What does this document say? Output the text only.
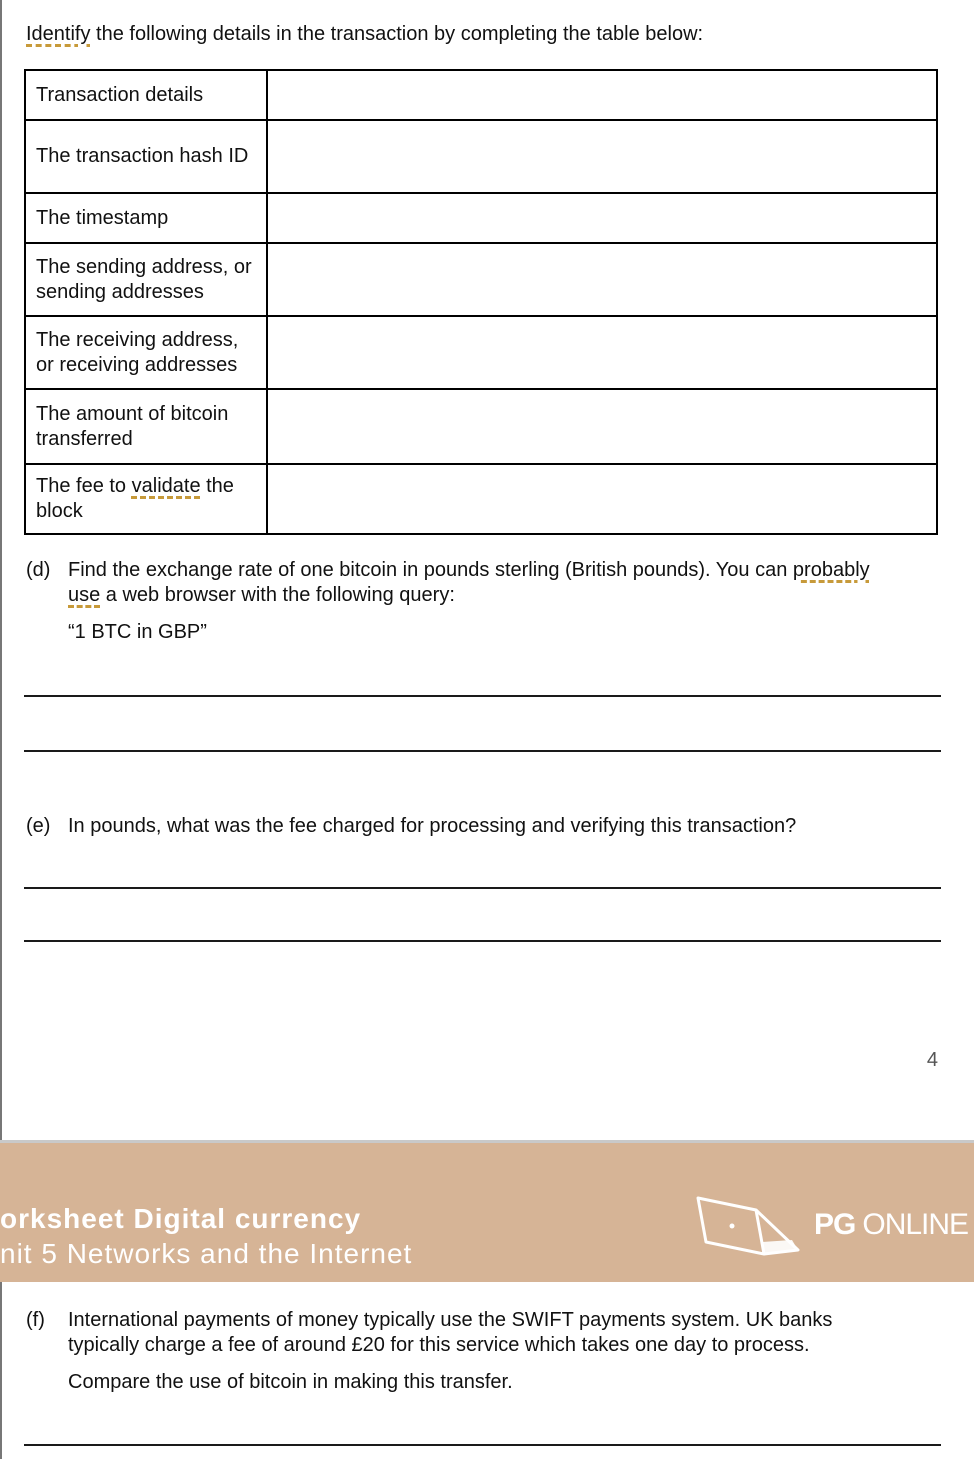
Identify the following details in the transaction by completing the table below:
Transaction details	
The transaction hash ID	
The timestamp	
The sending address, or sending addresses	
The receiving address, or receiving addresses	
The amount of bitcoin transferred	
The fee to validate the block	
(d) Find the exchange rate of one bitcoin in pounds sterling (British pounds). You can probably
use a web browser with the following query:
“1 BTC in GBP”
(e) In pounds, what was the fee charged for processing and verifying this transaction?
4
orksheet Digital currency
nit 5 Networks and the Internet
PG ONLINE
(f) International payments of money typically use the SWIFT payments system. UK banks typically charge a fee of around £20 for this service which takes one day to process.
Compare the use of bitcoin in making this transfer.
